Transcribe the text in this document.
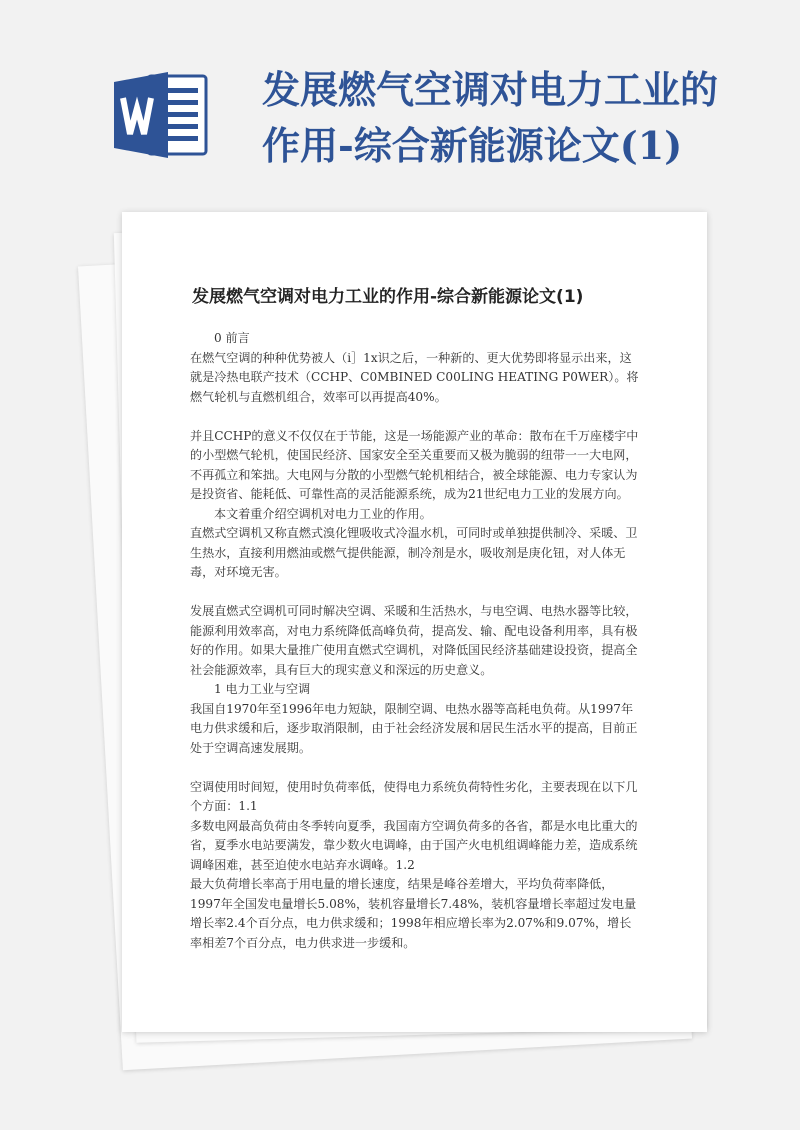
发展燃气空调对电力工业的作用-综合新能源论文(1)
发展燃气空调对电力工业的作用-综合新能源论文(1)

0 前言

在燃气空调的种种优势被人（i］1x识之后，一种新的、更大优势即将显示出来，这就是冷热电联产技术（CCHP、C0MBINED C00LING HEATING P0WER）。将燃气轮机与直燃机组合，效率可以再提高40%。

并且CCHP的意义不仅仅在于节能，这是一场能源产业的革命：散布在千万座楼宇中的小型燃气轮机，使国民经济、国家安全至关重要而又极为脆弱的纽带一一大电网，不再孤立和笨拙。大电网与分散的小型燃气轮机相结合，被全球能源、电力专家认为是投资省、能耗低、可靠性高的灵活能源系统，成为21世纪电力工业的发展方向。

本文着重介绍空调机对电力工业的作用。

直燃式空调机又称直燃式溴化锂吸收式冷温水机，可同时或单独提供制冷、采暖、卫生热水，直接利用燃油或燃气提供能源，制冷剂是水，吸收剂是庚化钮，对人体无毒，对环境无害。

发展直燃式空调机可同时解决空调、采暖和生活热水，与电空调、电热水器等比较，能源利用效率高，对电力系统降低高峰负荷，提高发、输、配电设备利用率，具有极好的作用。如果大量推广使用直燃式空调机，对降低国民经济基础建设投资，提高全社会能源效率，具有巨大的现实意义和深远的历史意义。

1 电力工业与空调

我国自1970年至1996年电力短缺，限制空调、电热水器等高耗电负荷。从1997年电力供求缓和后，逐步取消限制，由于社会经济发展和居民生活水平的提高，目前正处于空调高速发展期。

空调使用时间短，使用时负荷率低，使得电力系统负荷特性劣化，主要表现在以下几个方面：1.1

多数电网最高负荷由冬季转向夏季，我国南方空调负荷多的各省，都是水电比重大的省，夏季水电站要满发，靠少数火电调峰，由于国产火电机组调峰能力差，造成系统调峰困难，甚至迫使水电站弃水调峰。1.2

最大负荷增长率高于用电量的增长速度，结果是峰谷差增大，平均负荷率降低，1997年全国发电量增长5.08%，装机容量增长7.48%，装机容量增长率超过发电量增长率2.4个百分点，电力供求缓和；1998年相应增长率为2.07%和9.07%，增长率相差7个百分点，电力供求进一步缓和。
